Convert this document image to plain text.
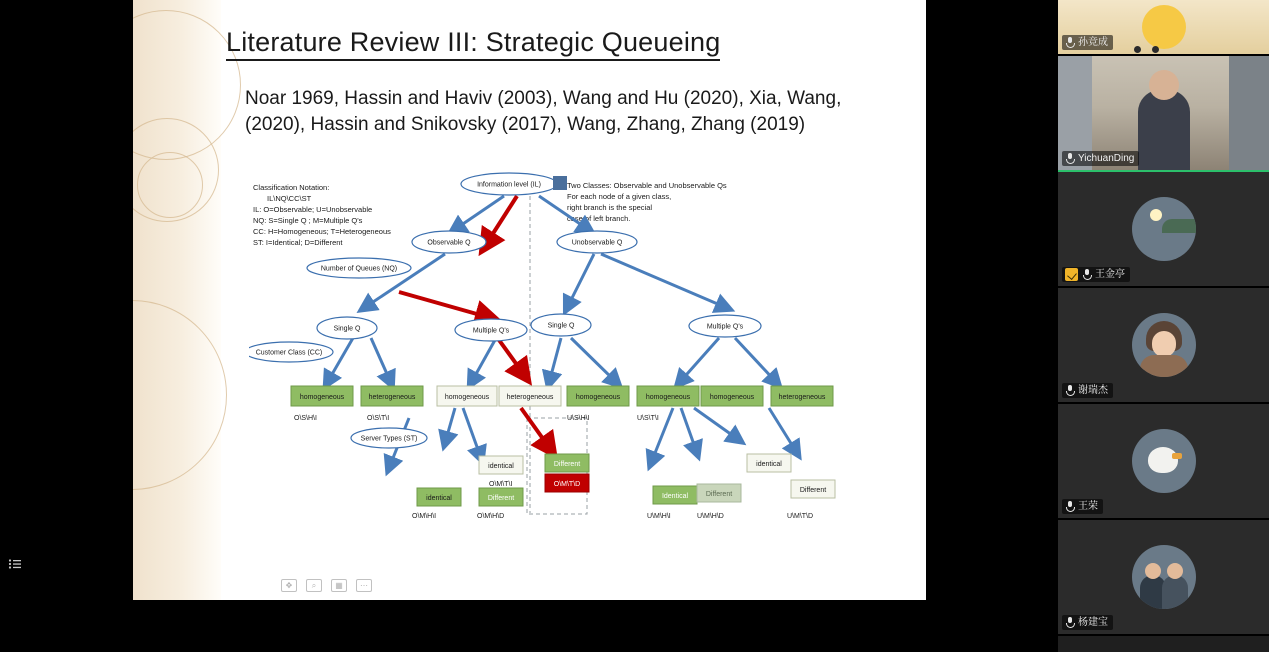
Literature Review III: Strategic Queueing
Noar 1969, Hassin and Haviv (2003), Wang and Hu (2020), Xia, Wang, (2020), Hassin and Snikovsky (2017), Wang, Zhang, Zhang (2019)
Classification Notation:
IL\NQ\CC\ST
IL: O=Observable; U=Unobservable
NQ: S=Single Q ; M=Multiple Q's
CC: H=Homogeneous; T=Heterogeneous
ST: I=Identical; D=Different
Two Classes: Observable and Unobservable Qs
For each node of a given class,
right branch is the special
case of left branch.
Information level (IL)
Observable Q	Unobservable Q
Number of Queues (NQ)
Single Q	Multiple Q's
Single Q	Multiple Q's
Customer Class (CC)
Server Types (ST)
homogeneous	heterogeneous	homogeneous heterogeneous	homogeneous	homogeneous	homogeneous	heterogeneous
identical	Different
O\M\T\D
identical	Different
identical
Different
Identical	Different
O\S\H\I	O\S\T\I	U\S\H\I	U\S\T\I
O\M\T\I
O\M\H\I	O\M\H\D	U\M\H\I	U\M\H\D	U\M\T\D
✥	⌕	▦	⋯
孙竞成
YichuanDing
王金亭
谢瑞杰
王荣
杨建宝
